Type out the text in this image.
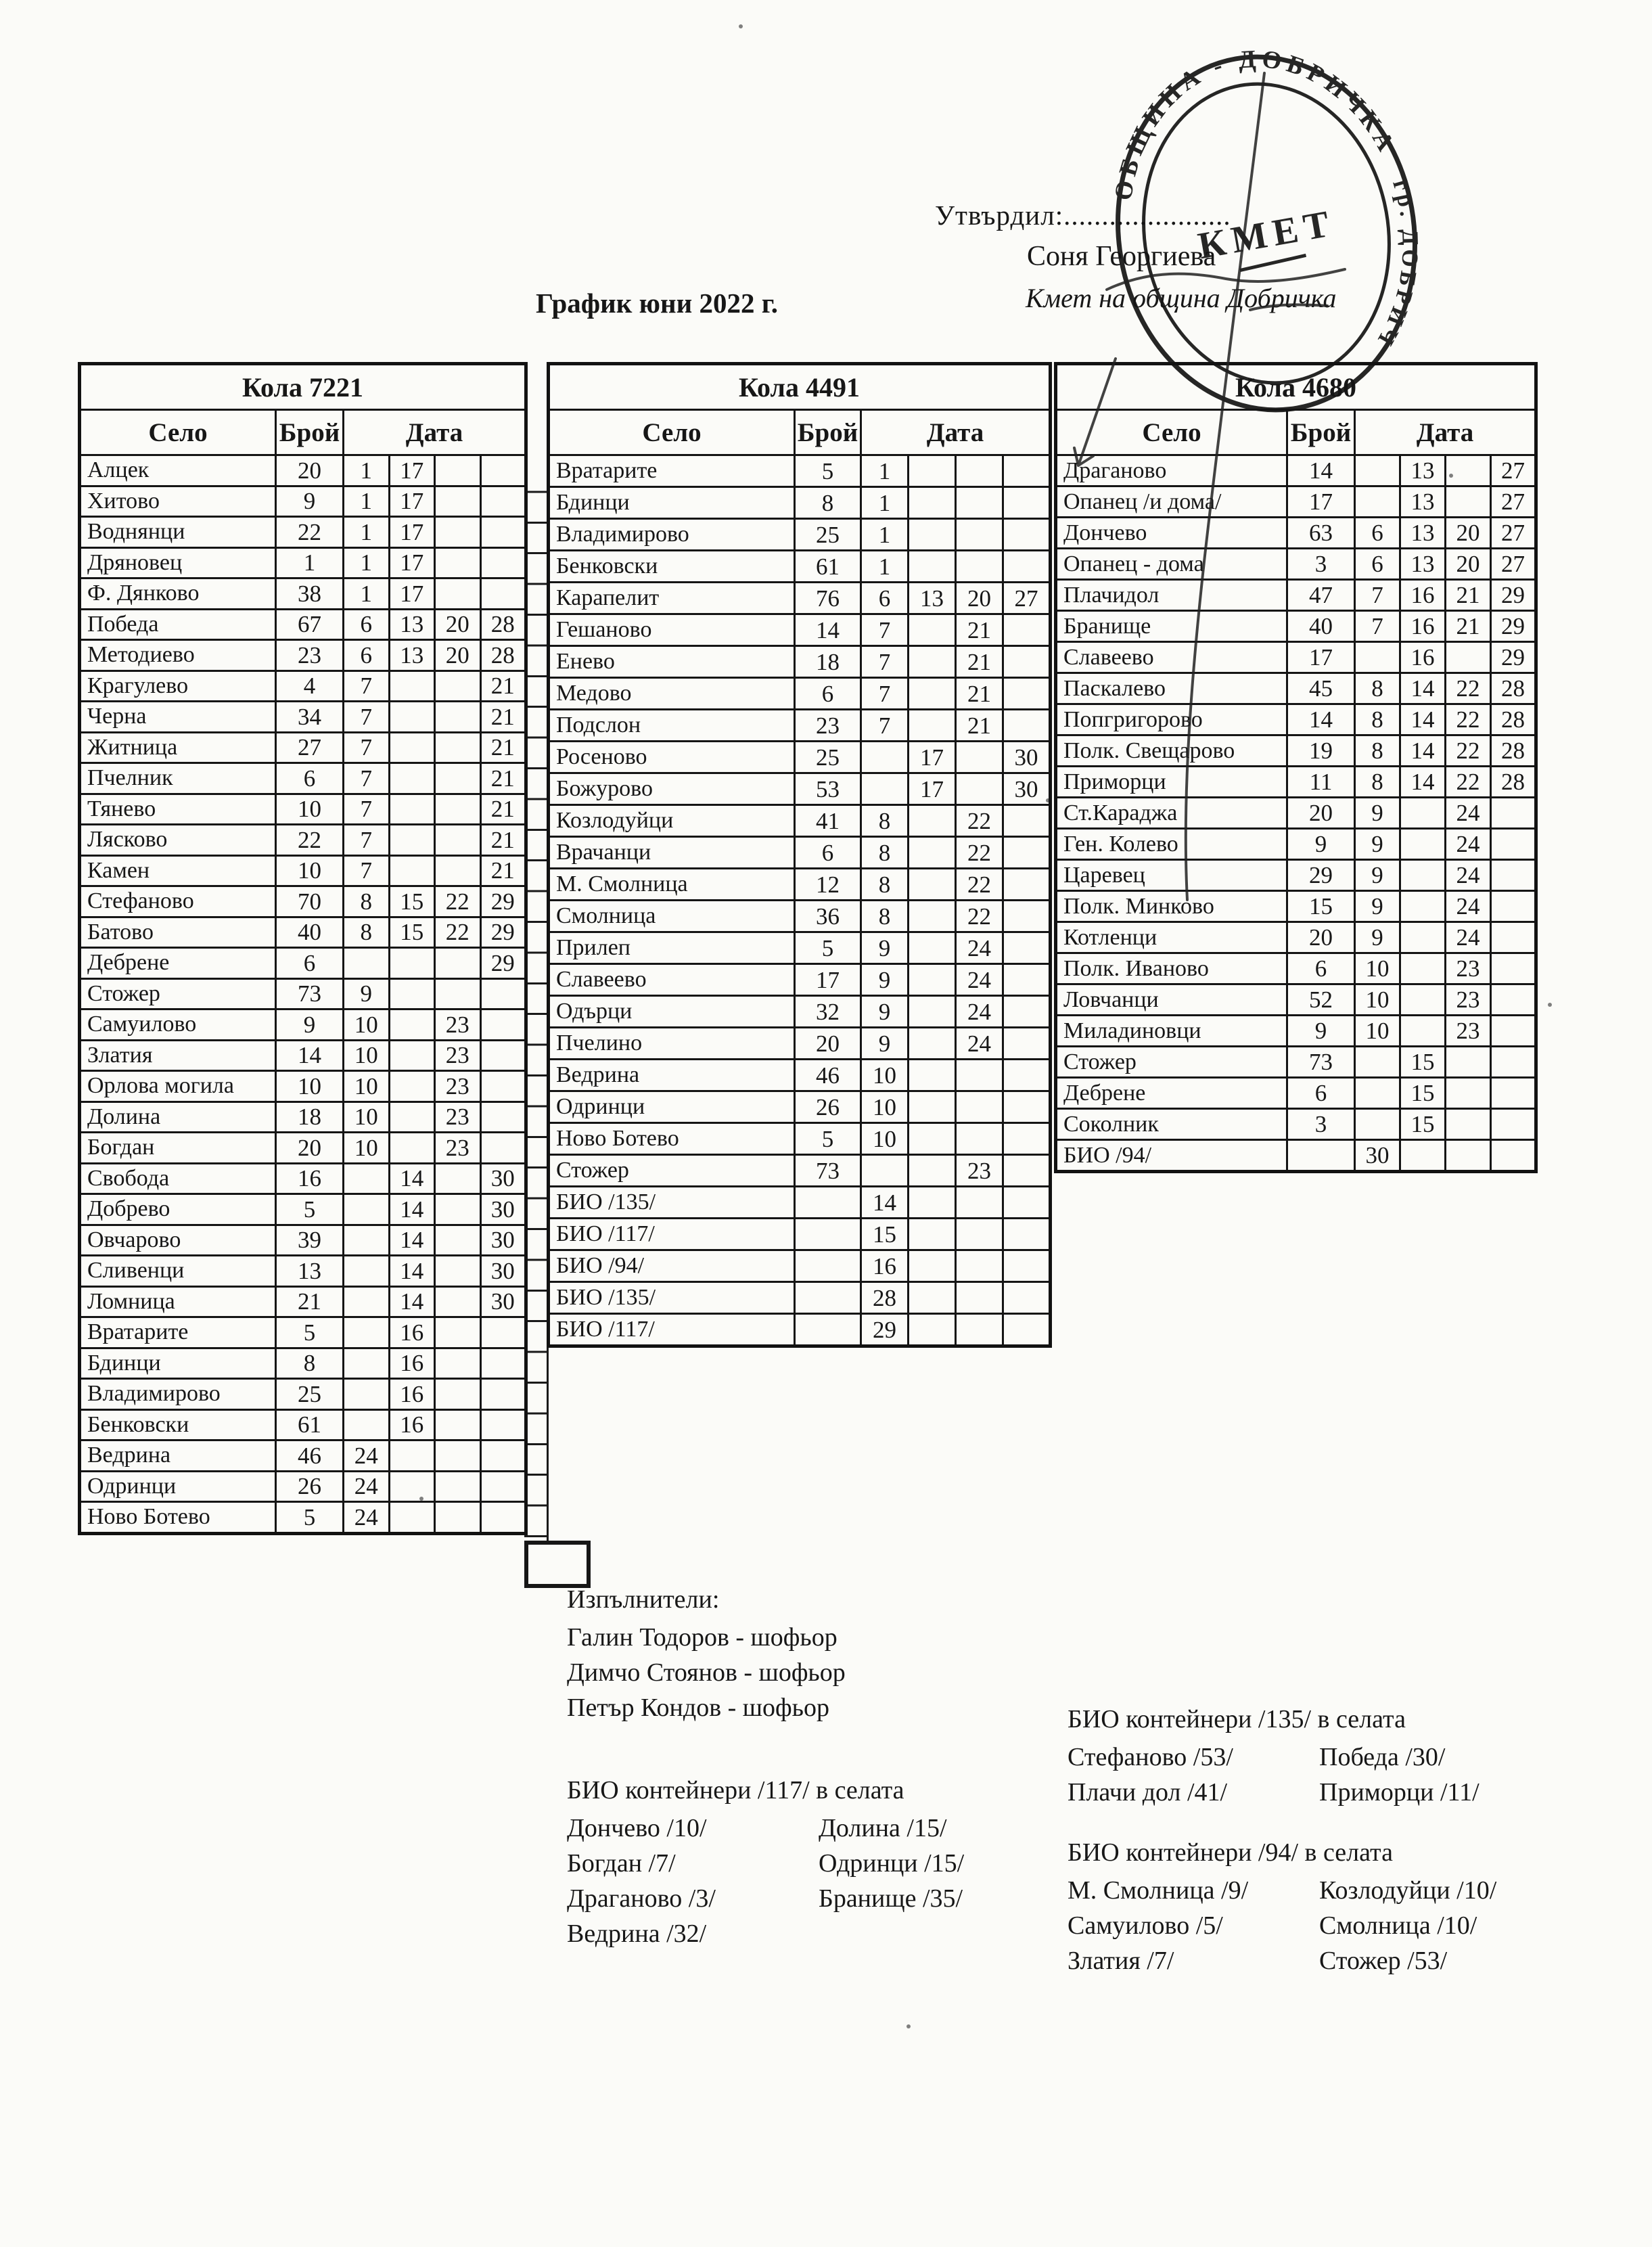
Утвърдил:......................
Соня Георгиева
Кмет на община Добричка
График юни 2022 г.
ОБЩИНА - ДОБРИЧКА
гр. ДОБРИЧ
КМЕТ
Кола 7221					
Село	Брой	Дата			
Алцек	20	1	17		
Хитово	9	1	17		
Воднянци	22	1	17		
Дряновец	1	1	17		
Ф. Дянково	38	1	17		
Победа	67	6	13	20	28
Методиево	23	6	13	20	28
Крагулево	4	7			21
Черна	34	7			21
Житница	27	7			21
Пчелник	6	7			21
Тянево	10	7			21
Лясково	22	7			21
Камен	10	7			21
Стефаново	70	8	15	22	29
Батово	40	8	15	22	29
Дебрене	6				29
Стожер	73	9			
Самуилово	9	10		23	
Златия	14	10		23	
Орлова могила	10	10		23	
Долина	18	10		23	
Богдан	20	10		23	
Свобода	16		14		30
Добрево	5		14		30
Овчарово	39		14		30
Сливенци	13		14		30
Ломница	21		14		30
Вратарите	5		16		
Бдинци	8		16		
Владимирово	25		16		
Бенковски	61		16		
Ведрина	46	24			
Одринци	26	24			
Ново Ботево	5	24			
Кола 4491					
Село	Брой	Дата			
Вратарите	5	1			
Бдинци	8	1			
Владимирово	25	1			
Бенковски	61	1			
Карапелит	76	6	13	20	27
Гешаново	14	7		21	
Енево	18	7		21	
Медово	6	7		21	
Подслон	23	7		21	
Росеново	25		17		30
Божурово	53		17		30
Козлодуйци	41	8		22	
Врачанци	6	8		22	
М. Смолница	12	8		22	
Смолница	36	8		22	
Прилеп	5	9		24	
Славеево	17	9		24	
Одърци	32	9		24	
Пчелино	20	9		24	
Ведрина	46	10			
Одринци	26	10			
Ново Ботево	5	10			
Стожер	73			23	
БИО /135/		14			
БИО /117/		15			
БИО /94/		16			
БИО /135/		28			
БИО /117/		29			
Кола 4680					
Село	Брой	Дата			
Драганово	14		13		27
Опанец /и дома/	17		13		27
Дончево	63	6	13	20	27
Опанец - дома	3	6	13	20	27
Плачидол	47	7	16	21	29
Бранище	40	7	16	21	29
Славеево	17		16		29
Паскалево	45	8	14	22	28
Попгригорово	14	8	14	22	28
Полк. Свещарово	19	8	14	22	28
Приморци	11	8	14	22	28
Ст.Караджа	20	9		24	
Ген. Колево	9	9		24	
Царевец	29	9		24	
Полк. Минково	15	9		24	
Котленци	20	9		24	
Полк. Иваново	6	10		23	
Ловчанци	52	10		23	
Миладиновци	9	10		23	
Стожер	73		15		
Дебрене	6		15		
Соколник	3		15		
БИО /94/		30			
Изпълнители:
Галин Тодоров - шофьор
Димчо Стоянов - шофьор
Петър Кондов - шофьор	БИО контейнери /135/ в селата
Стефаново /53/	Победа /30/
Плачи дол /41/	Приморци /11/
БИО контейнери /117/ в селата
Дончево /10/	Долина /15/
Богдан /7/	Одринци /15/
Драганово /3/	Бранище /35/
Ведрина /32/
БИО контейнери /94/ в селата
М. Смолница /9/	Козлодуйци /10/
Самуилово /5/	Смолница /10/
Златия /7/	Стожер /53/
